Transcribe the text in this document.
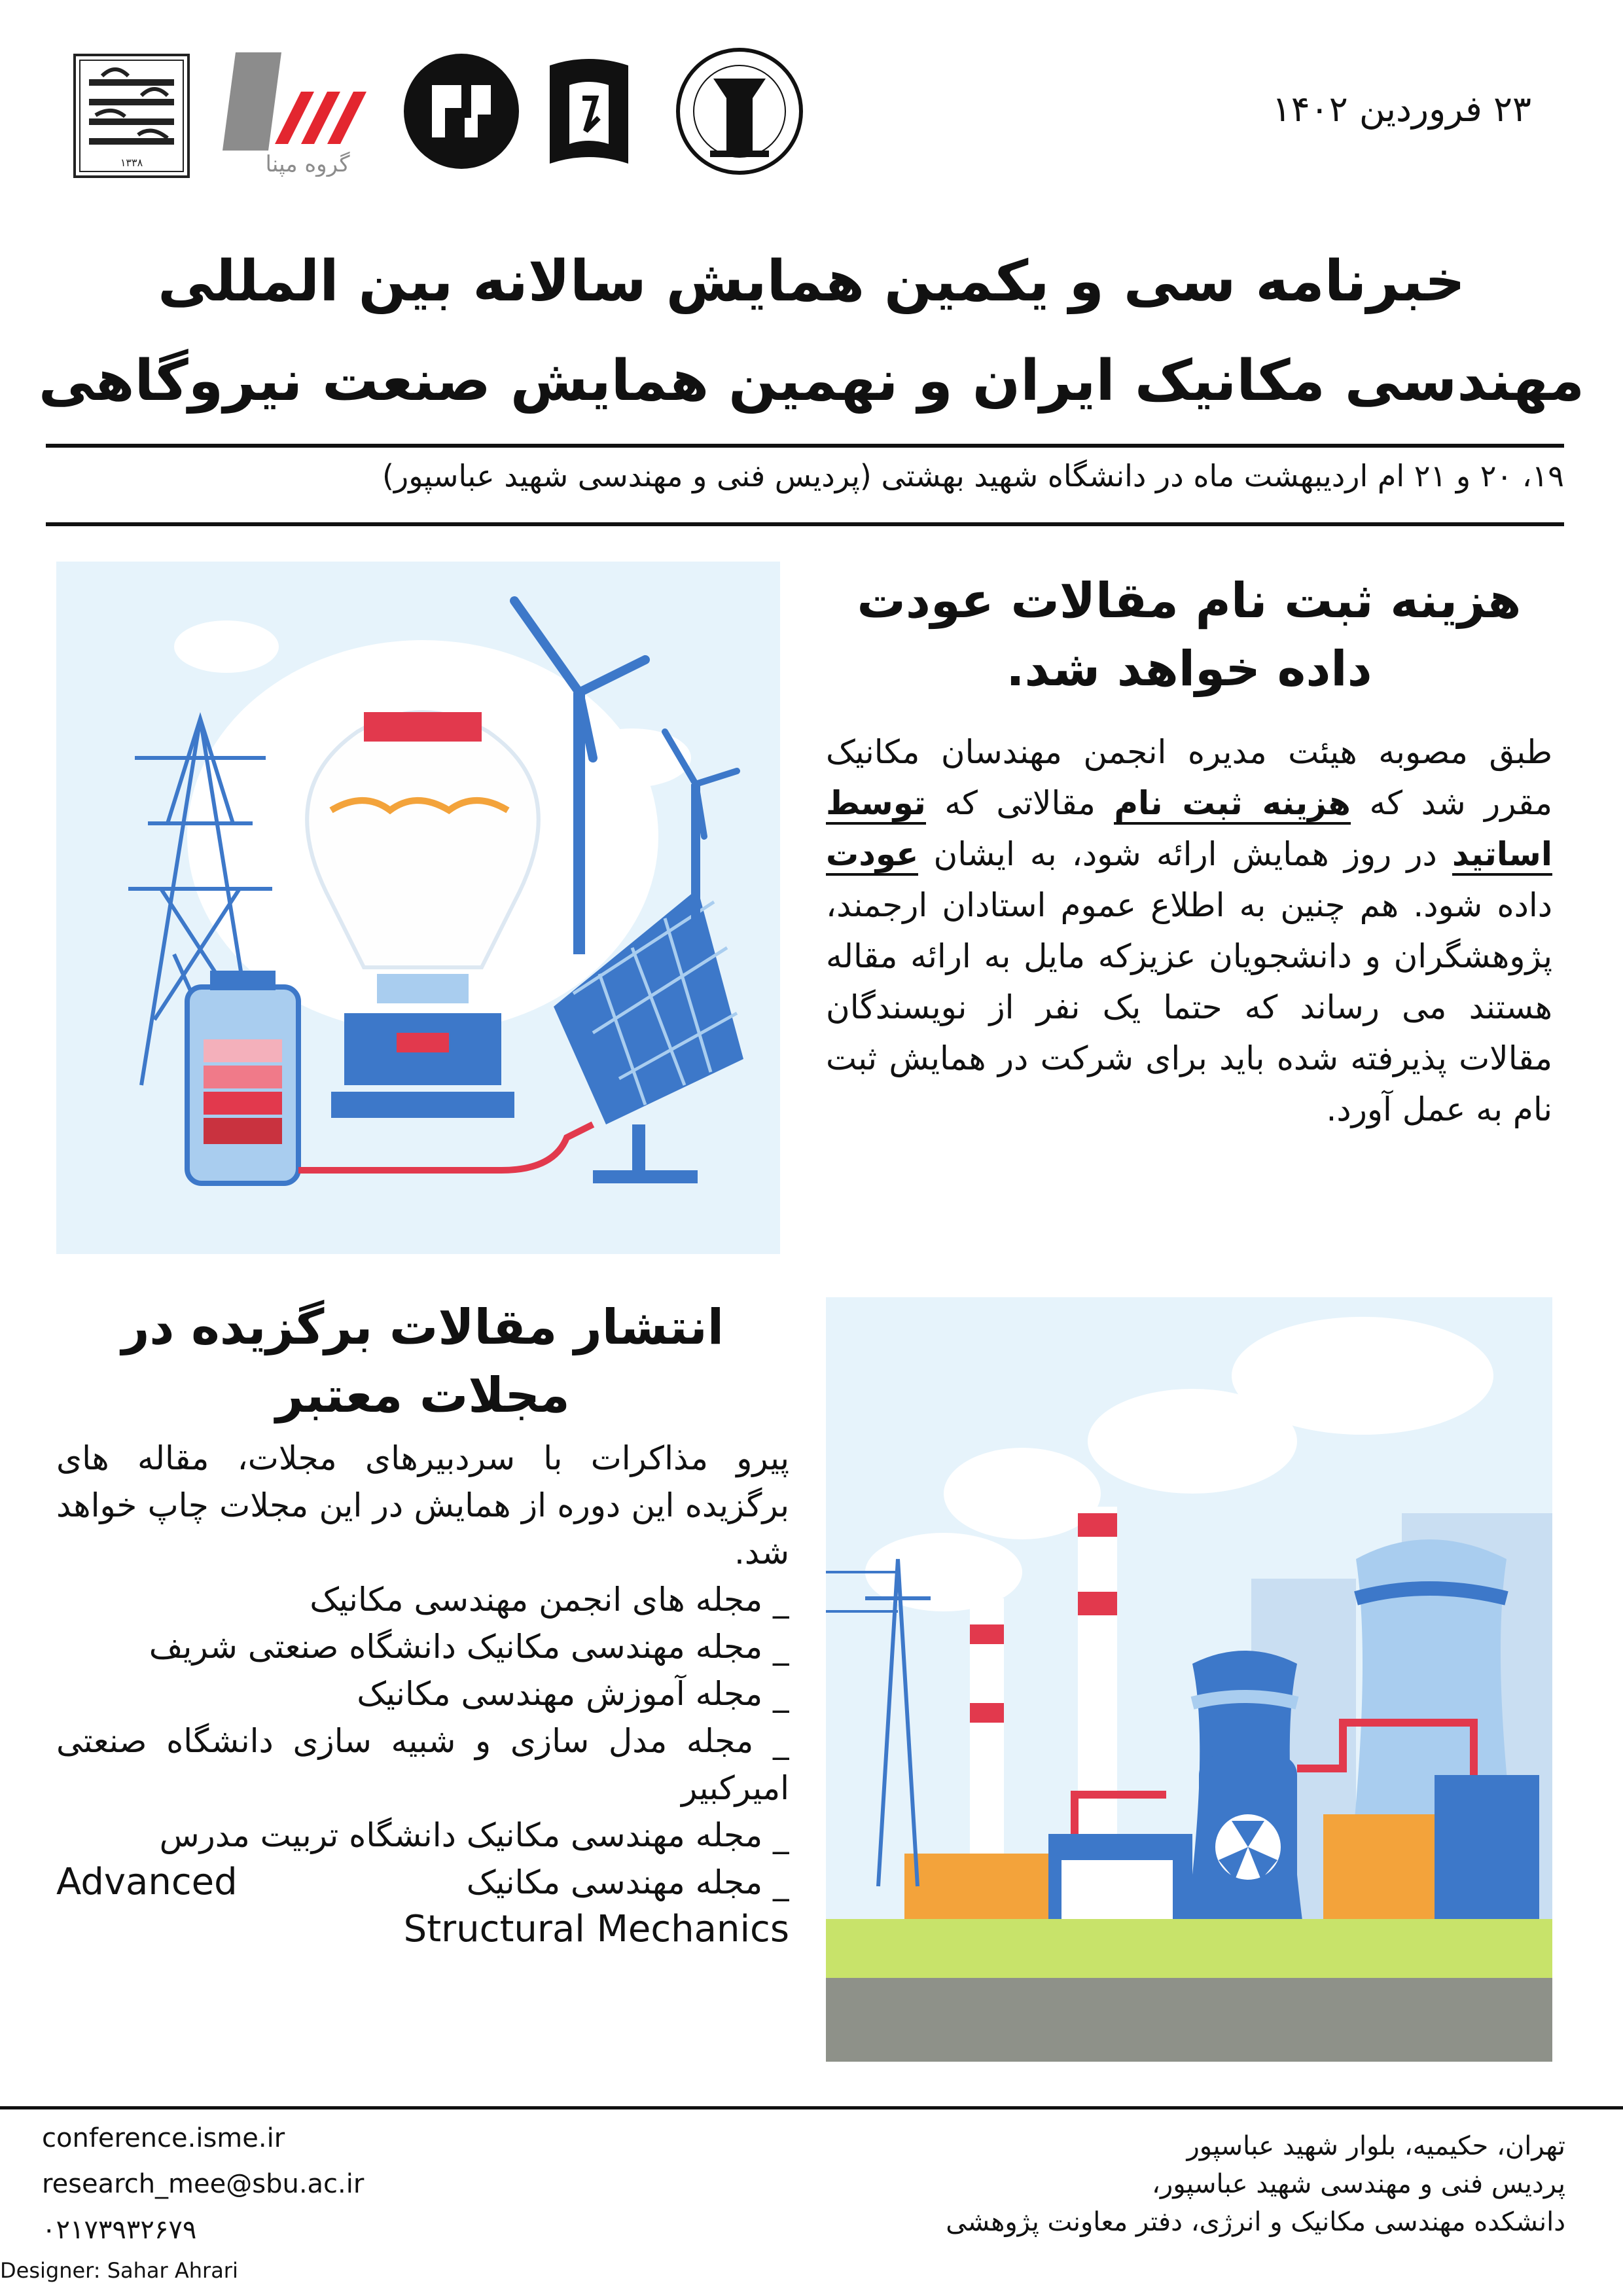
۱۳۳۸	گروه مپنا
۲۳ فروردین ۱۴۰۲
خبرنامه سی و یکمین همایش سالانه بین المللی
مهندسی مکانیک ایران و نهمین همایش صنعت نیروگاهی
۱۹، ۲۰ و ۲۱ ام اردیبهشت ماه در دانشگاه شهید بهشتی (پردیس فنی و مهندسی شهید عباسپور)
هزینه ثبت نام مقالات عودت
داده خواهد شد.
طبق مصوبه هیئت مدیره انجمن مهندسان مکانیک مقرر شد که هزینه ثبت نام مقالاتی که توسط اساتید در روز همایش ارائه شود، به ایشان عودت داده شود. هم چنین به اطلاع عموم استادان ارجمند، پژوهشگران و دانشجویان عزیزکه مایل به ارائه مقاله هستند می رساند که حتما یک نفر از نویسندگان مقالات پذیرفته شده باید برای شرکت در همایش ثبت نام به عمل آورد.
انتشار مقالات برگزیده در
مجلات معتبر
پیرو مذاکرات با سردبیرهای مجلات، مقاله های برگزیده این دوره از همایش در این مجلات چاپ خواهد شد.
_ مجله های انجمن مهندسی مکانیک
_ مجله مهندسی مکانیک دانشگاه صنعتی شریف
_ مجله آموزش مهندسی مکانیک
_ مجله مدل سازی و شبیه سازی دانشگاه صنعتی امیرکبیر
_ مجله مهندسی مکانیک دانشگاه تربیت مدرس
_ مجله مهندسی مکانیک
Advanced
Structural Mechanics
conference.isme.ir
research_mee@sbu.ac.ir
۰۲۱۷۳۹۳۲۶۷۹
Designer: Sahar Ahrari
تهران، حکیمیه، بلوار شهید عباسپور
پردیس فنی و مهندسی شهید عباسپور،
دانشکده مهندسی مکانیک و انرژی، دفتر معاونت پژوهشی
